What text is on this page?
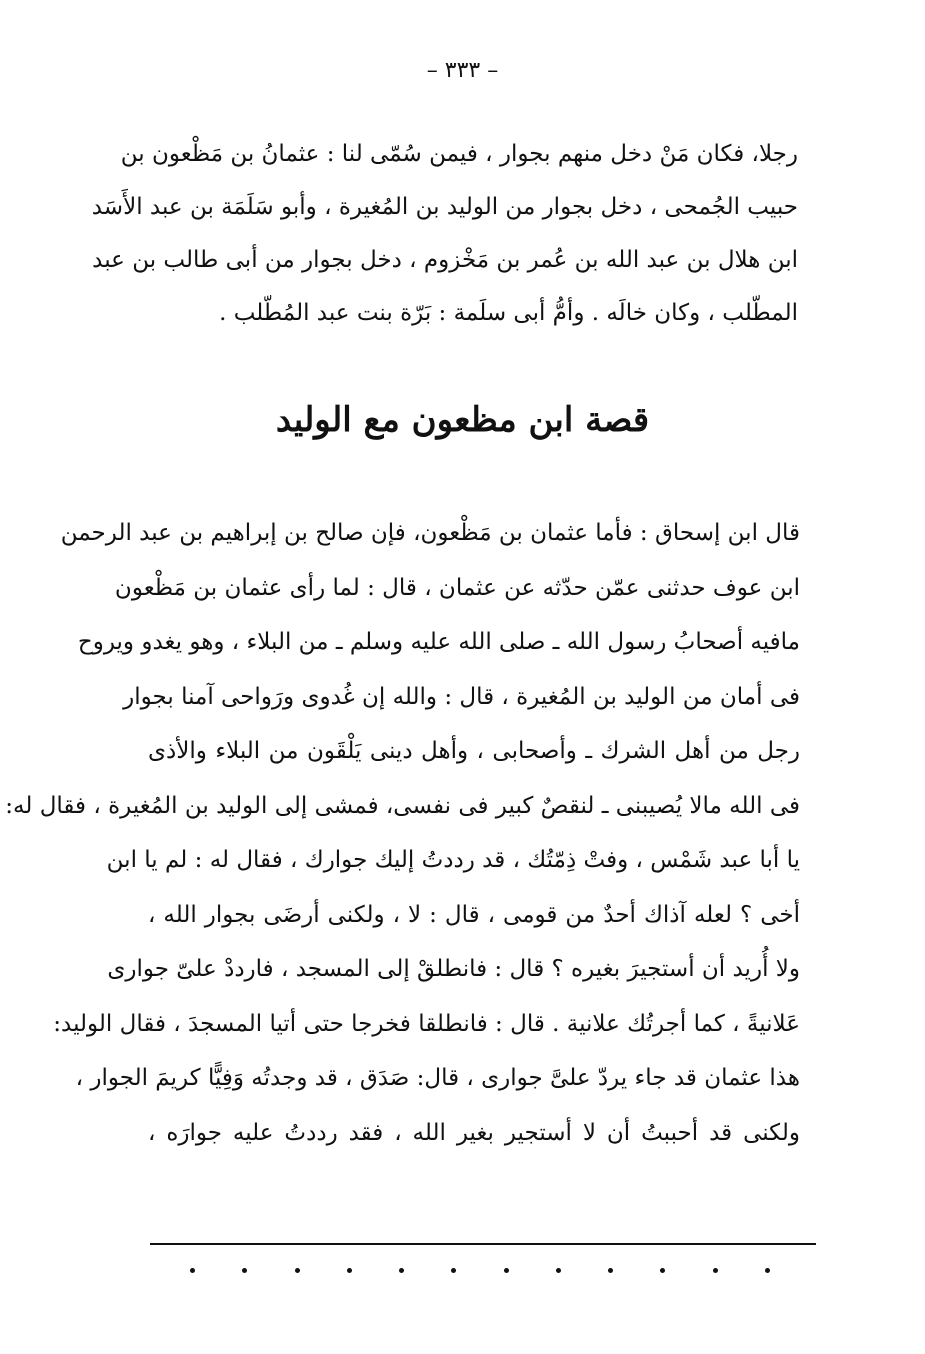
– ٣٣٣ –
رجلا، فكان مَنْ دخل منهم بجوار ، فيمن سُمّى لنا : عثمانُ بن مَظْعون بن
حبيب الجُمحى ، دخل بجوار من الوليد بن المُغيرة ، وأبو سَلَمَة بن عبد الأَسَد
ابن هلال بن عبد الله بن عُمر بن مَخْزوم ، دخل بجوار من أبى طالب بن عبد
المطّلب ، وكان خالَه . وأمُّ أبى سلَمة : بَرّة بنت عبد المُطّلب .
قصة ابن مظعون مع الوليد
قال ابن إسحاق : فأما عثمان بن مَظْعون، فإن صالح بن إبراهيم بن عبد الرحمن
ابن عوف حدثنى عمّن حدّثه عن عثمان ، قال : لما رأى عثمان بن مَظْعون
مافيه أصحابُ رسول الله ـ صلى الله عليه وسلم ـ من البلاء ، وهو يغدو ويروح
فى أمان من الوليد بن المُغيرة ، قال : والله إن غُدوى ورَواحى آمنا بجوار
رجل من أهل الشرك ـ وأصحابى ، وأهل دينى يَلْقَون من البلاء والأذى
فى الله مالا يُصيبنى ـ لنقصٌ كبير فى نفسى، فمشى إلى الوليد بن المُغيرة ، فقال له:
يا أبا عبد شَمْس ، وفتْ ذِمّتُك ، قد رددتُ إليك جوارك ، فقال له : لم يا ابن
أخى ؟ لعله آذاك أحدٌ من قومى ، قال : لا ، ولكنى أرضَى بجوار الله ،
ولا أُريد أن أستجيرَ بغيره ؟ قال : فانطلقْ إلى المسجد ، فارددْ علىّ جوارى
عَلانيةً ، كما أجرتُك علانية . قال : فانطلقا فخرجا حتى أتيا المسجدَ ، فقال الوليد:
هذا عثمان قد جاء يردّ علىَّ جوارى ، قال: صَدَق ، قد وجدتُه وَفِيًّا كريمَ الجوار ،
ولكنى قد أحببتُ أن لا أستجير بغير الله ، فقد رددتُ عليه جوارَه ،
